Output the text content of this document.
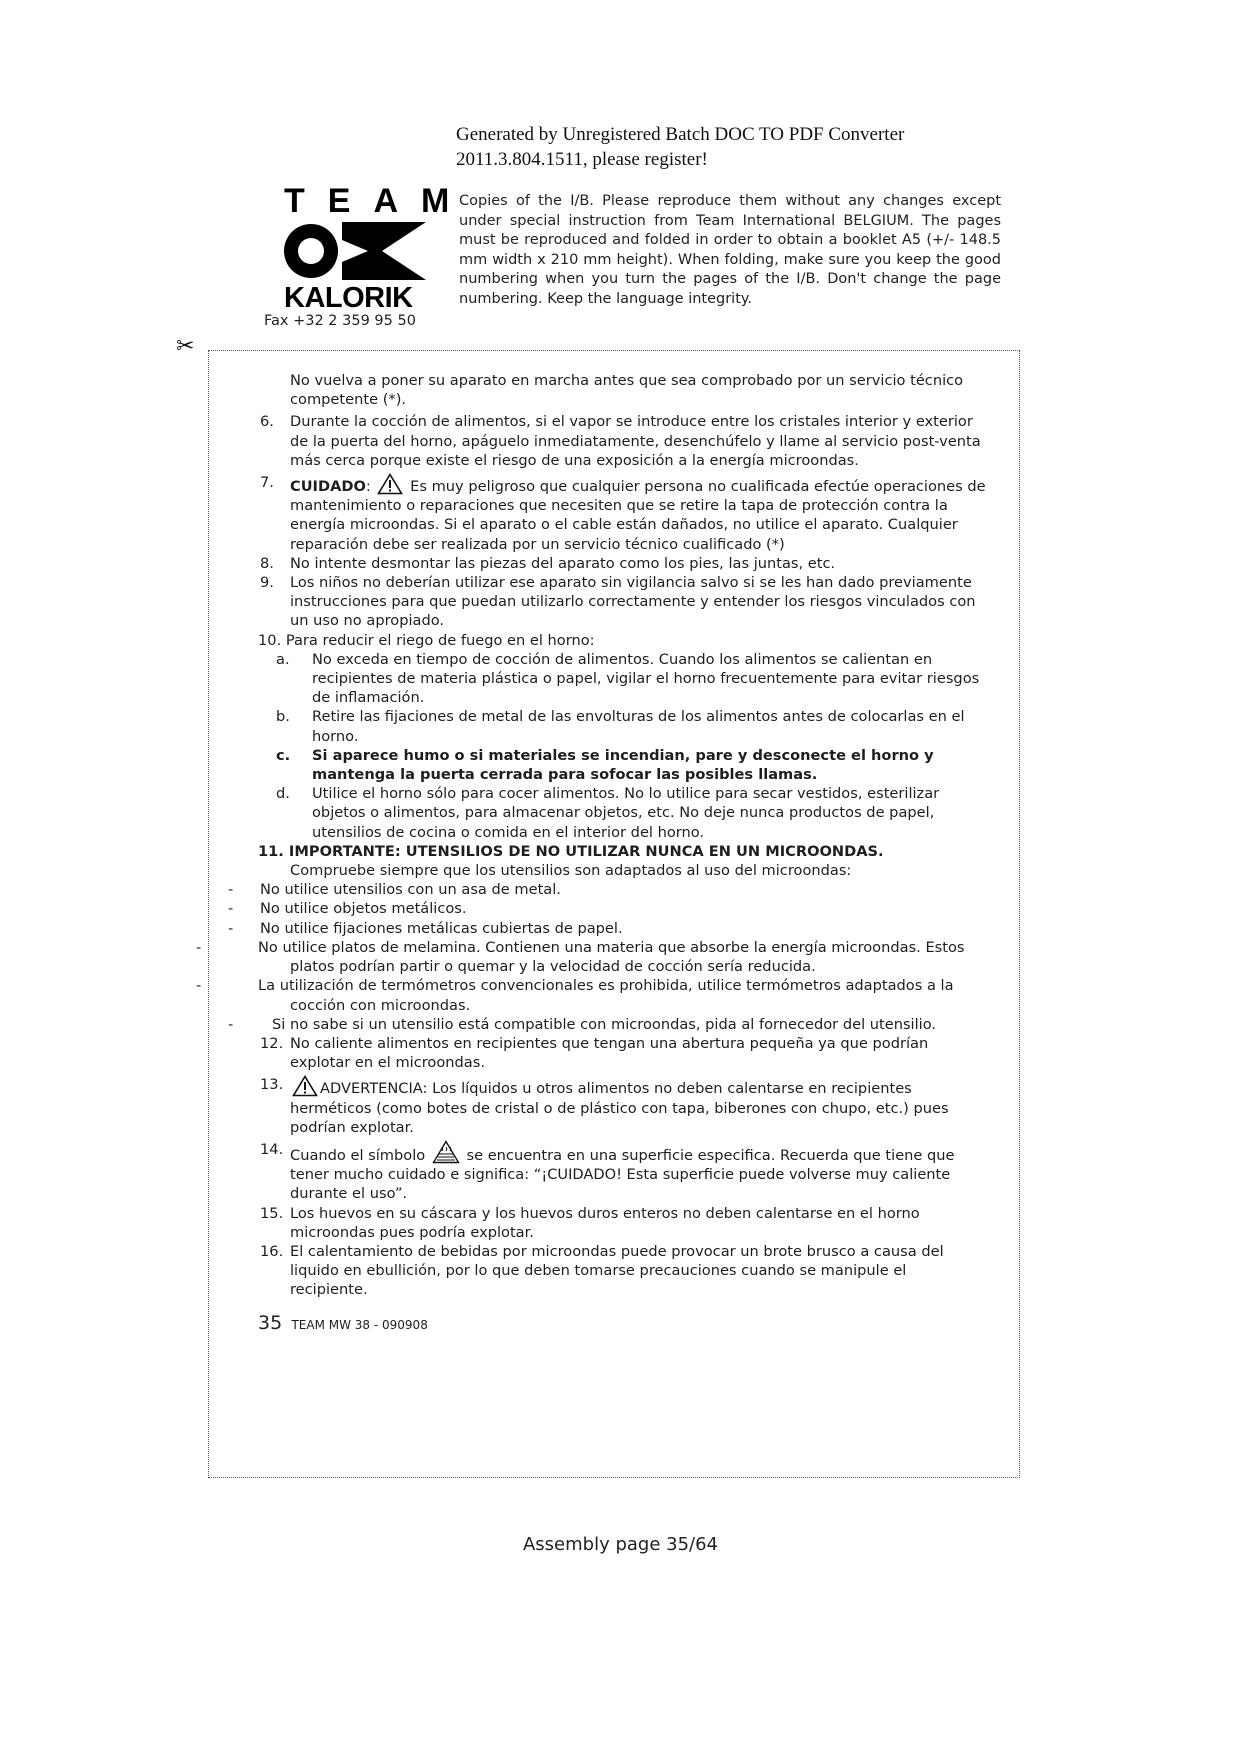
Generated by Unregistered Batch DOC TO PDF Converter 2011.3.804.1511, please register!
TEAM
KALORIK
Fax +32 2 359 95 50
Copies of the I/B. Please reproduce them without any changes except under special instruction from Team International BELGIUM. The pages must be reproduced and folded in order to obtain a booklet A5 (+/- 148.5 mm width x 210 mm height). When folding, make sure you keep the good numbering when you turn the pages of the I/B. Don't change the page numbering. Keep the language integrity.
✂

No vuelva a poner su aparato en marcha antes que sea comprobado por un servicio técnico competente (*).

6. Durante la cocción de alimentos, si el vapor se introduce entre los cristales interior y exterior de la puerta del horno, apáguelo inmediatamente, desenchúfelo y llame al servicio post-venta más cerca porque existe el riesgo de una exposición a la energía microondas.

7. CUIDADO:	Es muy peligroso que cualquier persona no cualificada efectúe operaciones de mantenimiento o reparaciones que necesiten que se retire la tapa de protección contra la energía microondas. Si el aparato o el cable están dañados, no utilice el aparato. Cualquier reparación debe ser realizada por un servicio técnico cualificado (*)

8. No intente desmontar las piezas del aparato como los pies, las juntas, etc.

9. Los niños no deberían utilizar ese aparato sin vigilancia salvo si se les han dado previamente instrucciones para que puedan utilizarlo correctamente y entender los riesgos vinculados con un uso no apropiado.

10. Para reducir el riego de fuego en el horno:

a. No exceda en tiempo de cocción de alimentos. Cuando los alimentos se calientan en recipientes de materia plástica o papel, vigilar el horno frecuentemente para evitar riesgos de inflamación.

b. Retire las fijaciones de metal de las envolturas de los alimentos antes de colocarlas en el horno.

c. Si aparece humo o si materiales se incendian, pare y desconecte el horno y mantenga la puerta cerrada para sofocar las posibles llamas.

d. Utilice el horno sólo para cocer alimentos. No lo utilice para secar vestidos, esterilizar objetos o alimentos, para almacenar objetos, etc. No deje nunca productos de papel, utensilios de cocina o comida en el interior del horno.

11. IMPORTANTE: UTENSILIOS DE NO UTILIZAR NUNCA EN UN MICROONDAS.

Compruebe siempre que los utensilios son adaptados al uso del microondas:

- No utilice utensilios con un asa de metal.

- No utilice objetos metálicos.

- No utilice fijaciones metálicas cubiertas de papel.

-	No utilice platos de melamina. Contienen una materia que absorbe la energía microondas. Estos platos podrían partir o quemar y la velocidad de cocción sería reducida.

-	La utilización de termómetros convencionales es prohibida, utilice termómetros adaptados a la cocción con microondas.

-	Si no sabe si un utensilio está compatible con microondas, pida al fornecedor del utensilio.

12. No caliente alimentos en recipientes que tengan una abertura pequeña ya que podrían explotar en el microondas.

13.	ADVERTENCIA: Los líquidos u otros alimentos no deben calentarse en recipientes herméticos (como botes de cristal o de plástico con tapa, biberones con chupo, etc.) pues podrían explotar.

14. Cuando el símbolo	se encuentra en una superficie especifica. Recuerda que tiene que tener mucho cuidado e significa: “¡CUIDADO! Esta superficie puede volverse muy caliente durante el uso”.

15. Los huevos en su cáscara y los huevos duros enteros no deben calentarse en el horno microondas pues podría explotar.

16. El calentamiento de bebidas por microondas puede provocar un brote brusco a causa del liquido en ebullición, por lo que deben tomarse precauciones cuando se manipule el recipiente.

35 TEAM MW 38 - 090908

Assembly page 35/64
